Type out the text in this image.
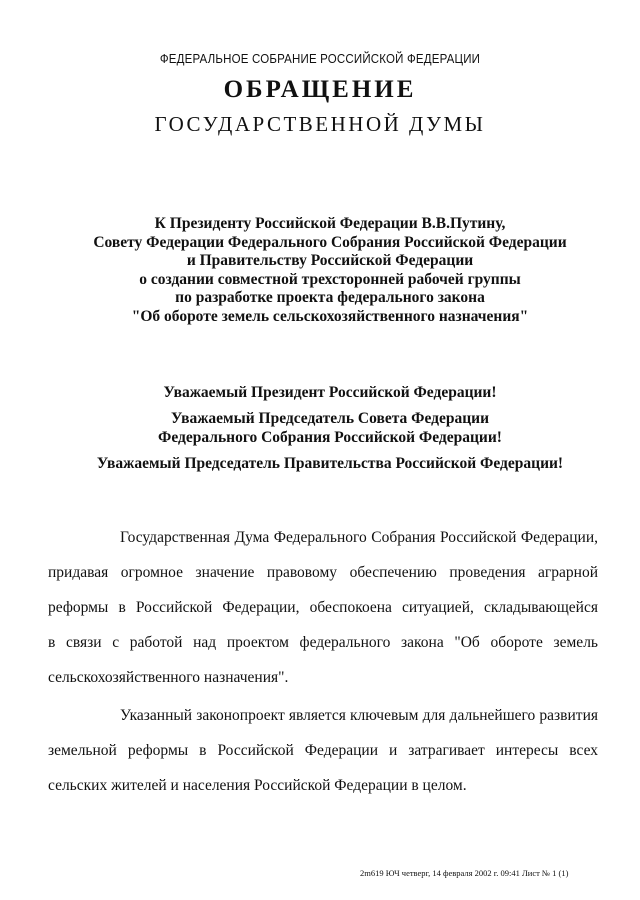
ФЕДЕРАЛЬНОЕ СОБРАНИЕ РОССИЙСКОЙ ФЕДЕРАЦИИ
ОБРАЩЕНИЕ
ГОСУДАРСТВЕННОЙ ДУМЫ
К Президенту Российской Федерации В.В.Путину,
Совету Федерации Федерального Собрания Российской Федерации
и Правительству Российской Федерации
о создании совместной трехсторонней рабочей группы
по разработке проекта федерального закона
"Об обороте земель сельскохозяйственного назначения"
Уважаемый Президент Российской Федерации!
Уважаемый Председатель Совета Федерации
Федерального Собрания Российской Федерации!
Уважаемый Председатель Правительства Российской Федерации!
Государственная Дума Федерального Собрания Российской Федерации,
придавая огромное значение правовому обеспечению проведения аграрной
реформы в Российской Федерации, обеспокоена ситуацией, складывающейся
в связи с работой над проектом федерального закона "Об обороте земель
сельскохозяйственного назначения".
Указанный законопроект является ключевым для дальнейшего развития
земельной реформы в Российской Федерации и затрагивает интересы всех
сельских жителей и населения Российской Федерации в целом.
2m619 ЮЧ четверг, 14 февраля 2002 г. 09:41 Лист № 1 (1)
